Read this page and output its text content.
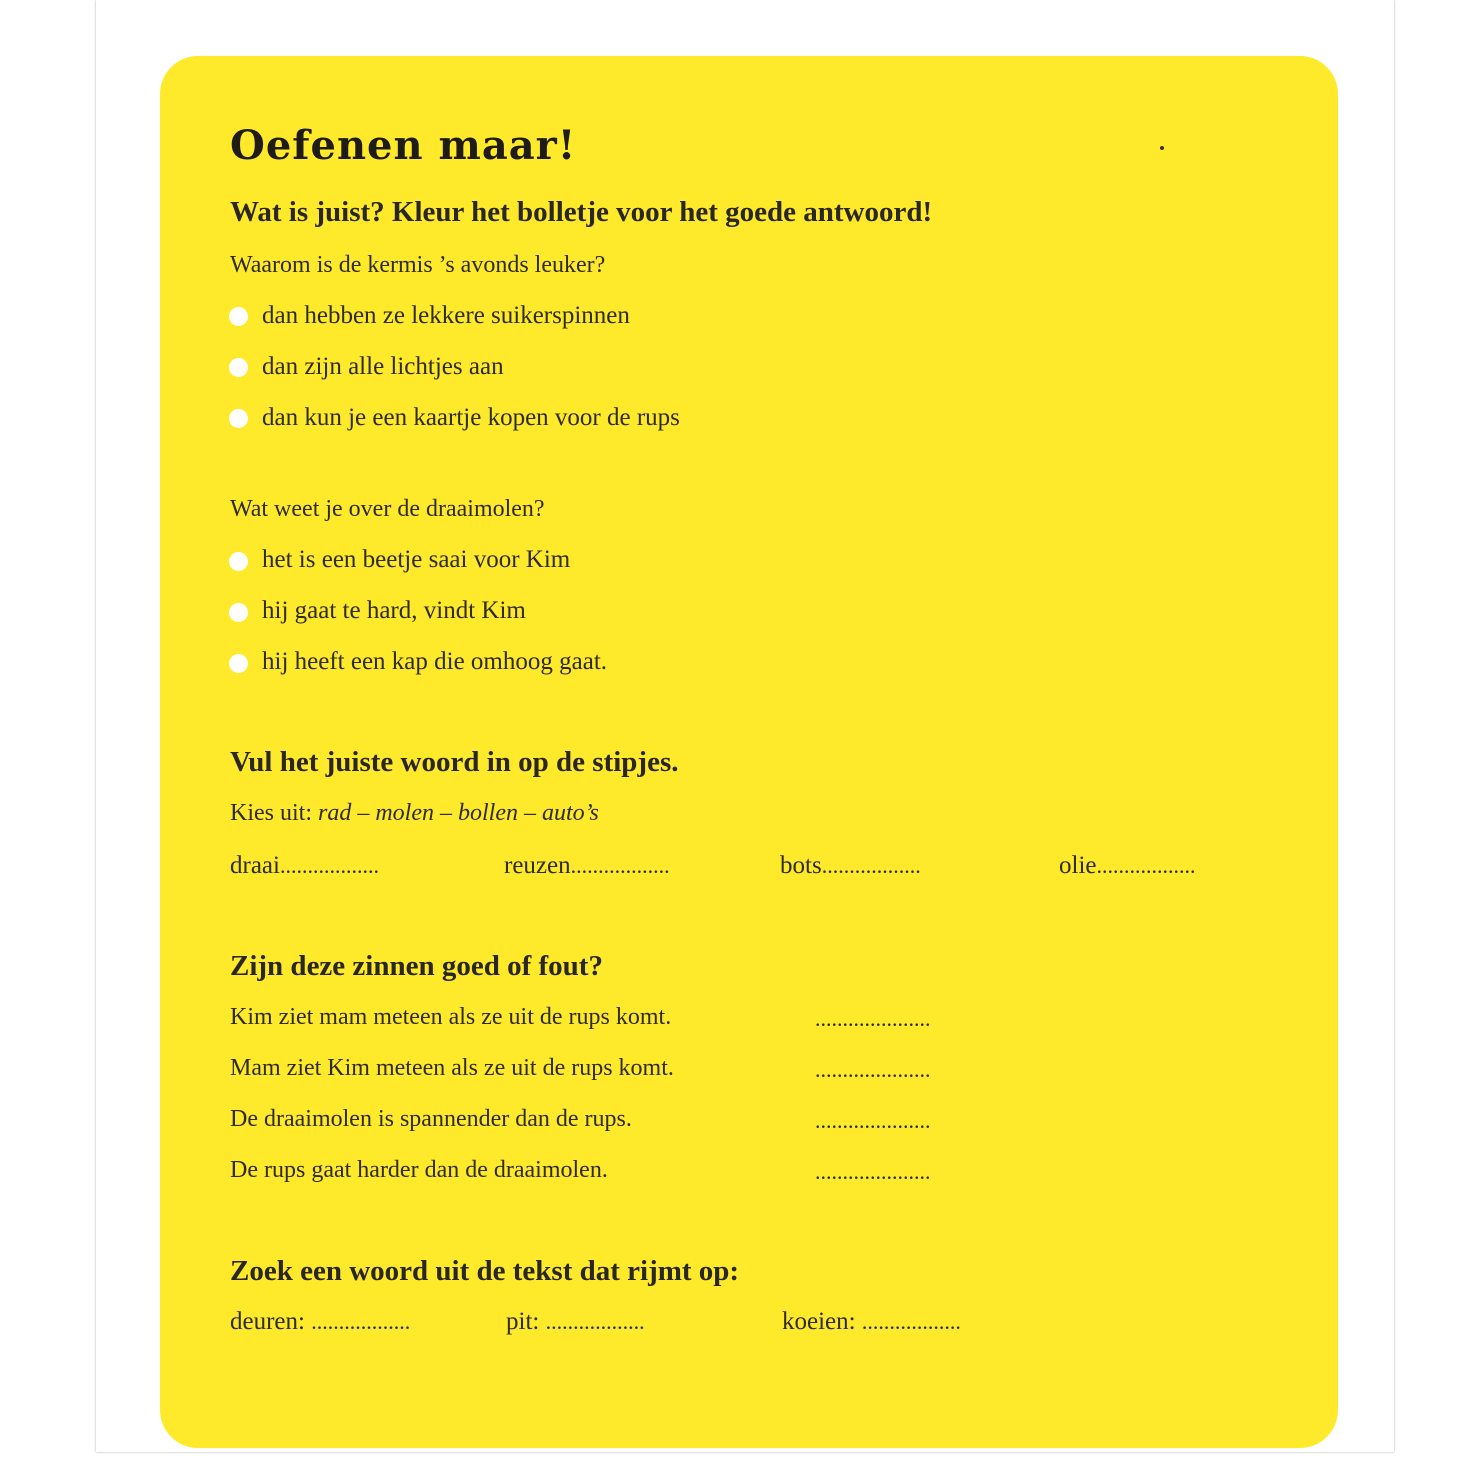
Oefenen maar!
Wat is juist? Kleur het bolletje voor het goede antwoord!
Waarom is de kermis ’s avonds leuker?
dan hebben ze lekkere suikerspinnen
dan zijn alle lichtjes aan
dan kun je een kaartje kopen voor de rups
Wat weet je over de draaimolen?
het is een beetje saai voor Kim
hij gaat te hard, vindt Kim
hij heeft een kap die omhoog gaat.
Vul het juiste woord in op de stipjes.
Kies uit: rad – molen – bollen – auto’s
draai..................	reuzen..................	bots..................	olie..................
Zijn deze zinnen goed of fout?
Kim ziet mam meteen als ze uit de rups komt.	.....................
Mam ziet Kim meteen als ze uit de rups komt.	.....................
De draaimolen is spannender dan de rups.	.....................
De rups gaat harder dan de draaimolen.	.....................
Zoek een woord uit de tekst dat rijmt op:
deuren: ..................	pit: ..................	koeien: ..................
